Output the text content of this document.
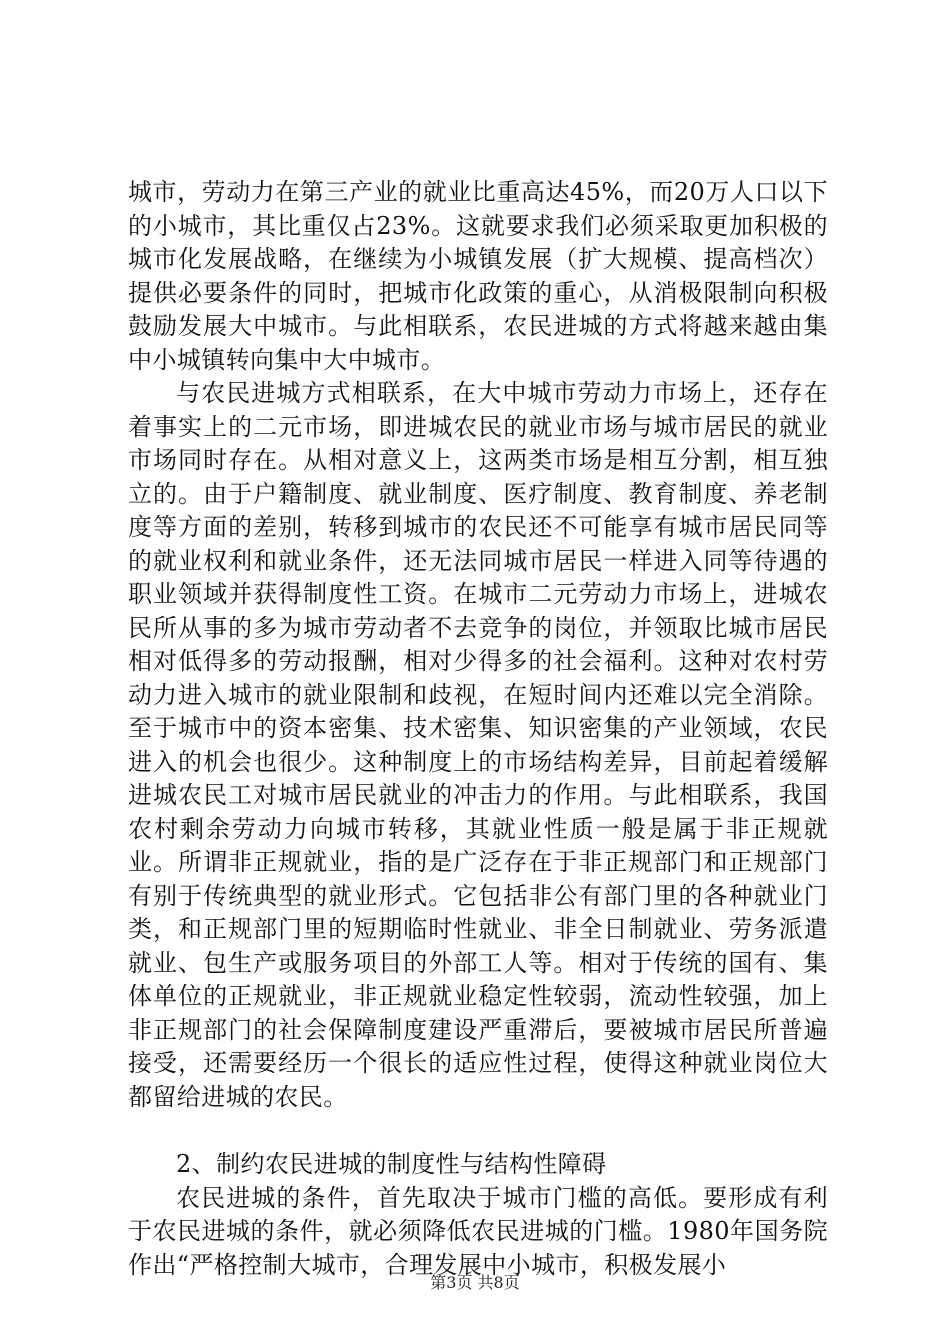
城市，劳动力在第三产业的就业比重高达45%，而20万人口以下的小城市，其比重仅占23%。这就要求我们必须采取更加积极的城市化发展战略，在继续为小城镇发展（扩大规模、提高档次）提供必要条件的同时，把城市化政策的重心，从消极限制向积极鼓励发展大中城市。与此相联系，农民进城的方式将越来越由集中小城镇转向集中大中城市。

与农民进城方式相联系，在大中城市劳动力市场上，还存在着事实上的二元市场，即进城农民的就业市场与城市居民的就业市场同时存在。从相对意义上，这两类市场是相互分割，相互独立的。由于户籍制度、就业制度、医疗制度、教育制度、养老制度等方面的差别，转移到城市的农民还不可能享有城市居民同等的就业权利和就业条件，还无法同城市居民一样进入同等待遇的职业领域并获得制度性工资。在城市二元劳动力市场上，进城农民所从事的多为城市劳动者不去竞争的岗位，并领取比城市居民相对低得多的劳动报酬，相对少得多的社会福利。这种对农村劳动力进入城市的就业限制和歧视，在短时间内还难以完全消除。至于城市中的资本密集、技术密集、知识密集的产业领域，农民进入的机会也很少。这种制度上的市场结构差异，目前起着缓解进城农民工对城市居民就业的冲击力的作用。与此相联系，我国农村剩余劳动力向城市转移，其就业性质一般是属于非正规就业。所谓非正规就业，指的是广泛存在于非正规部门和正规部门有别于传统典型的就业形式。它包括非公有部门里的各种就业门类，和正规部门里的短期临时性就业、非全日制就业、劳务派遣就业、包生产或服务项目的外部工人等。相对于传统的国有、集体单位的正规就业，非正规就业稳定性较弱，流动性较强，加上非正规部门的社会保障制度建设严重滞后，要被城市居民所普遍接受，还需要经历一个很长的适应性过程，使得这种就业岗位大都留给进城的农民。

2、制约农民进城的制度性与结构性障碍

农民进城的条件，首先取决于城市门槛的高低。要形成有利于农民进城的条件，就必须降低农民进城的门槛。1980年国务院作出“严格控制大城市，合理发展中小城市，积极发展小

第3页 共8页
